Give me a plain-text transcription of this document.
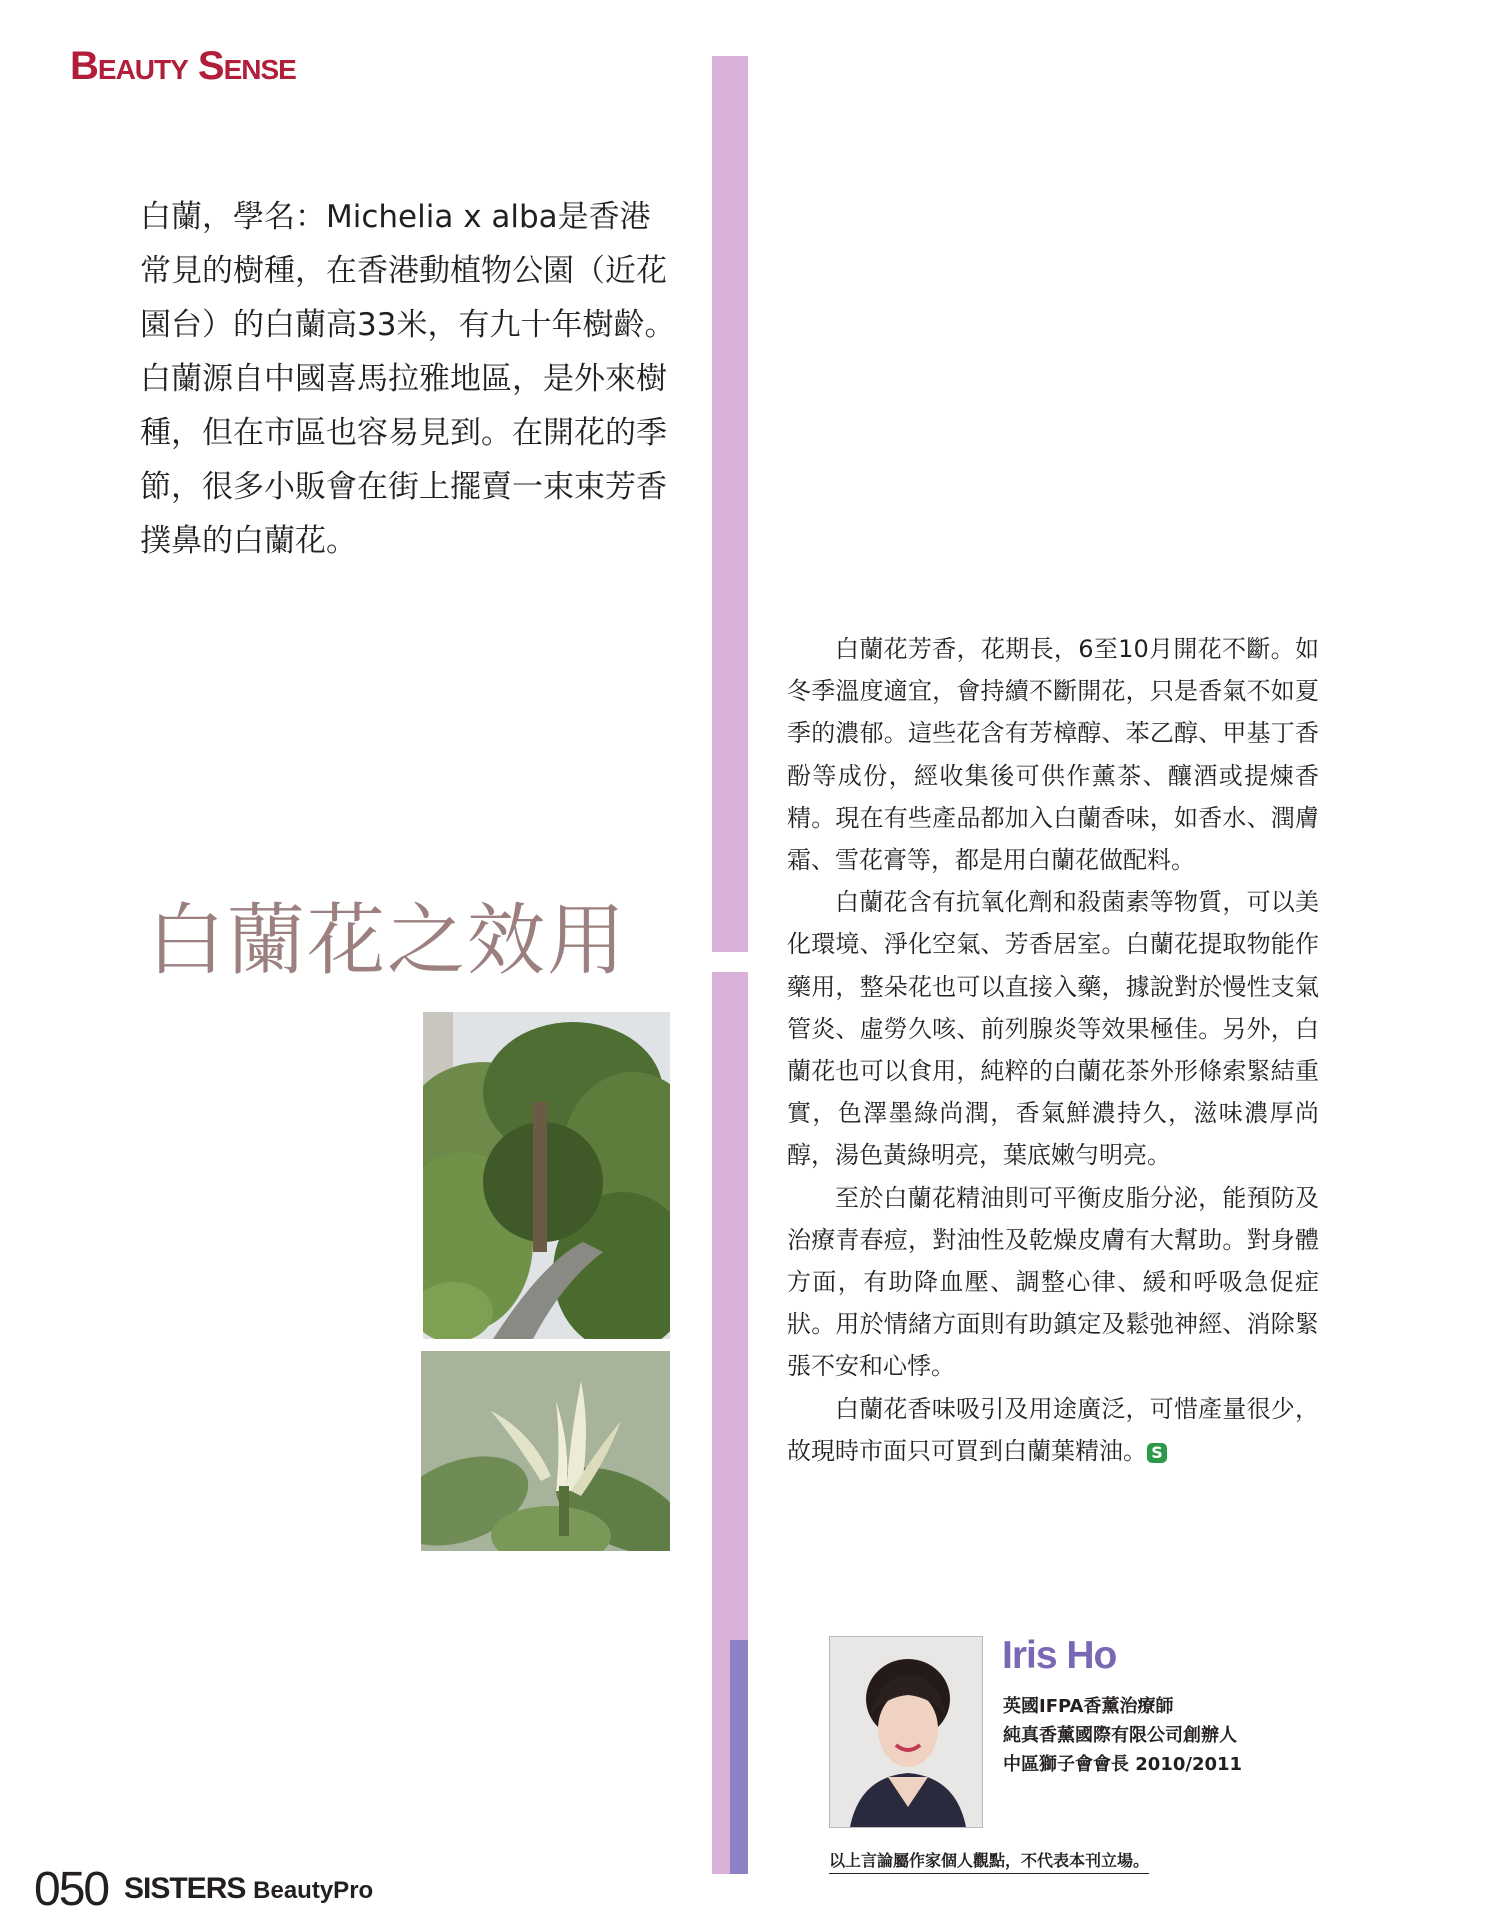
Beauty Sense
白蘭，學名：Michelia x alba是香港
常見的樹種，在香港動植物公園（近花
園台）的白蘭高33米，有九十年樹齡。
白蘭源自中國喜馬拉雅地區，是外來樹
種，但在市區也容易見到。在開花的季
節，很多小販會在街上擺賣一束束芳香
撲鼻的白蘭花。
白蘭花之效用

白蘭花芳香，花期長，6至10月開花不斷。如冬季溫度適宜，會持續不斷開花，只是香氣不如夏季的濃郁。這些花含有芳樟醇、苯乙醇、甲基丁香酚等成份，經收集後可供作薰茶、釀酒或提煉香精。現在有些產品都加入白蘭香味，如香水、潤膚霜、雪花膏等，都是用白蘭花做配料。

白蘭花含有抗氧化劑和殺菌素等物質，可以美化環境、淨化空氣、芳香居室。白蘭花提取物能作藥用，整朵花也可以直接入藥，據說對於慢性支氣管炎、虛勞久咳、前列腺炎等效果極佳。另外，白蘭花也可以食用，純粹的白蘭花茶外形條索緊結重實，色澤墨綠尚潤，香氣鮮濃持久，滋味濃厚尚醇，湯色黃綠明亮，葉底嫩勻明亮。

至於白蘭花精油則可平衡皮脂分泌，能預防及治療青春痘，對油性及乾燥皮膚有大幫助。對身體方面，有助降血壓、調整心律、緩和呼吸急促症狀。用於情緒方面則有助鎮定及鬆弛神經、消除緊張不安和心悸。

白蘭花香味吸引及用途廣泛，可惜產量很少，故現時市面只可買到白蘭葉精油。 S

Iris Ho
英國IFPA香薰治療師
純真香薰國際有限公司創辦人
中區獅子會會長 2010/2011
以上言論屬作家個人觀點，不代表本刊立場。
050 SISTERS BeautyPro
